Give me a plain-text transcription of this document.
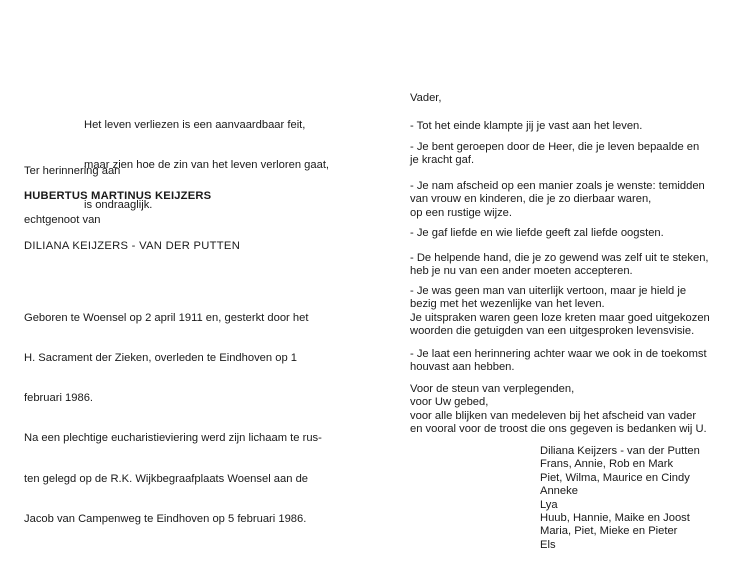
Het leven verliezen is een aanvaardbaar feit,

maar zien hoe de zin van het leven verloren gaat,

is ondraaglijk.

Ter herinnering aan
HUBERTUS MARTINUS KEIJZERS
echtgenoot van
DILIANA KEIJZERS - VAN DER PUTTEN

Geboren te Woensel op 2 april 1911 en, gesterkt door het

H. Sacrament der Zieken, overleden te Eindhoven op 1

februari 1986.

Na een plechtige eucharistieviering werd zijn lichaam te rus-

ten gelegd op de R.K. Wijkbegraafplaats Woensel aan de

Jacob van Campenweg te Eindhoven op 5 februari 1986.

Vader,
- Tot het einde klampte jij je vast aan het leven.
- Je bent geroepen door de Heer, die je leven bepaalde en
je kracht gaf.
- Je nam afscheid op een manier zoals je wenste: temidden
van vrouw en kinderen, die je zo dierbaar waren,
op een rustige wijze.
- Je gaf liefde en wie liefde geeft zal liefde oogsten.
- De helpende hand, die je zo gewend was zelf uit te steken,
heb je nu van een ander moeten accepteren.
- Je was geen man van uiterlijk vertoon, maar je hield je
bezig met het wezenlijke van het leven.
Je uitspraken waren geen loze kreten maar goed uitgekozen
woorden die getuigden van een uitgesproken levensvisie.
- Je laat een herinnering achter waar we ook in de toekomst
houvast aan hebben.
Voor de steun van verplegenden,
voor Uw gebed,
voor alle blijken van medeleven bij het afscheid van vader
en vooral voor de troost die ons gegeven is bedanken wij U.
Diliana Keijzers - van der Putten
Frans, Annie, Rob en Mark
Piet, Wilma, Maurice en Cindy
Anneke
Lya
Huub, Hannie, Maike en Joost
Maria, Piet, Mieke en Pieter
Els
